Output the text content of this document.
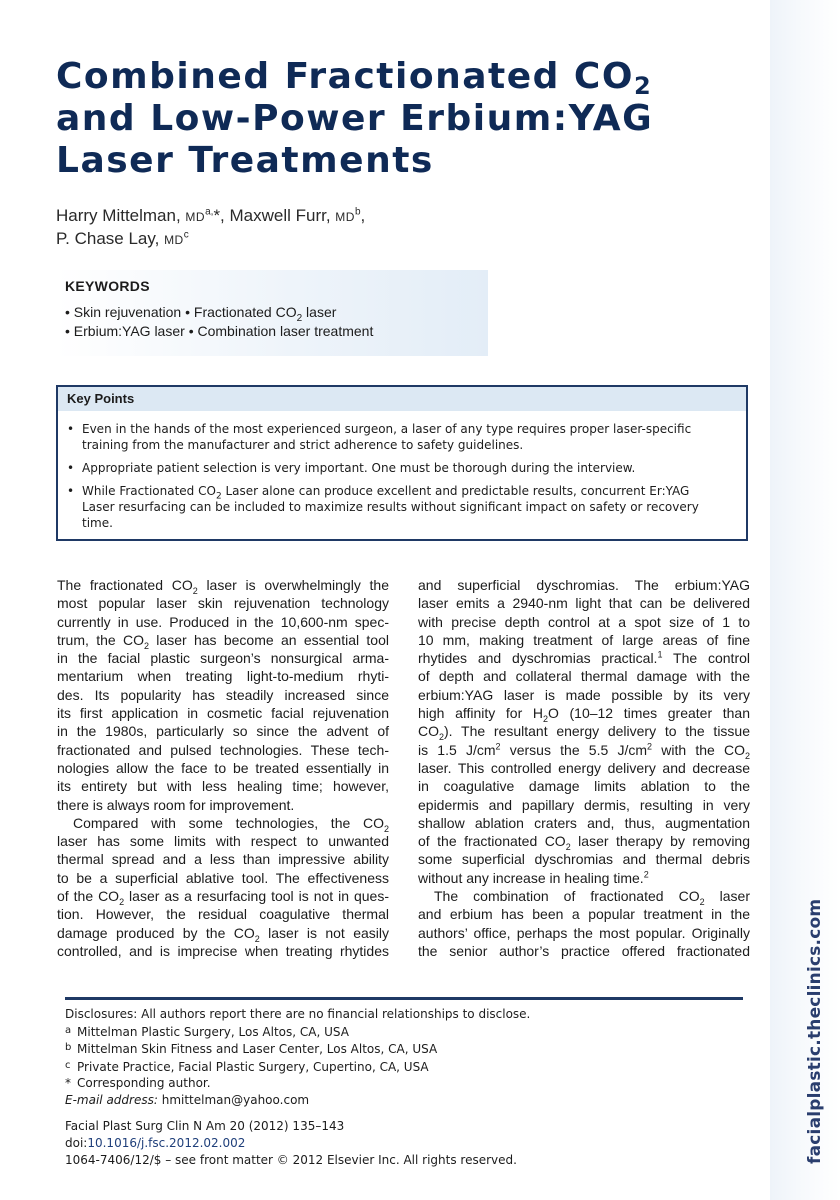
Combined Fractionated $CO_2$
and Low-Power Erbium:YAG
Laser Treatments
Harry Mittelman, $MD^{a,}*$, Maxwell Furr, $MD^b$,
P. Chase Lay, $MD^c$
KEYWORDS
• Skin rejuvenation • Fractionated $CO_2$ laser
• Erbium:YAG laser • Combination laser treatment
Key Points
• Even in the hands of the most experienced surgeon, a laser of any type requires proper laser-specific
training from the manufacturer and strict adherence to safety guidelines.
• Appropriate patient selection is very important. One must be thorough during the interview.
• While Fractionated $CO_2$ Laser alone can produce excellent and predictable results, concurrent Er:YAG
Laser resurfacing can be included to maximize results without significant impact on safety or recovery
time.
The fractionated $CO_2$ laser is overwhelmingly the
most popular laser skin rejuvenation technology
currently in use. Produced in the 10,600-nm spec-
trum, the $CO_2$ laser has become an essential tool
in the facial plastic surgeon’s nonsurgical arma-
mentarium when treating light-to-medium rhyti-
des. Its popularity has steadily increased since
its first application in cosmetic facial rejuvenation
in the 1980s, particularly so since the advent of
fractionated and pulsed technologies. These tech-
nologies allow the face to be treated essentially in
its entirety but with less healing time; however,
there is always room for improvement.
Compared with some technologies, the $CO_2$
laser has some limits with respect to unwanted
thermal spread and a less than impressive ability
to be a superficial ablative tool. The effectiveness
of the $CO_2$ laser as a resurfacing tool is not in ques-
tion. However, the residual coagulative thermal
damage produced by the $CO_2$ laser is not easily
controlled, and is imprecise when treating rhytides
and superficial dyschromias. The erbium:YAG
laser emits a 2940-nm light that can be delivered
with precise depth control at a spot size of 1 to
10 mm, making treatment of large areas of fine
rhytides and dyschromias practical.$^1$ The control
of depth and collateral thermal damage with the
erbium:YAG laser is made possible by its very
high affinity for $H_2O$ (10–12 times greater than
$CO_2$). The resultant energy delivery to the tissue
is 1.5 $J/cm^2$ versus the 5.5 $J/cm^2$ with the $CO_2$
laser. This controlled energy delivery and decrease
in coagulative damage limits ablation to the
epidermis and papillary dermis, resulting in very
shallow ablation craters and, thus, augmentation
of the fractionated $CO_2$ laser therapy by removing
some superficial dyschromias and thermal debris
without any increase in healing time.$^2$
The combination of fractionated $CO_2$ laser
and erbium has been a popular treatment in the
authors’ office, perhaps the most popular. Originally
the senior author’s practice offered fractionated
Disclosures: All authors report there are no financial relationships to disclose.
a Mittelman Plastic Surgery, Los Altos, CA, USA
b Mittelman Skin Fitness and Laser Center, Los Altos, CA, USA
c Private Practice, Facial Plastic Surgery, Cupertino, CA, USA
* Corresponding author.
E-mail address: hmittelman@yahoo.com
Facial Plast Surg Clin N Am 20 (2012) 135–143
doi:10.1016/j.fsc.2012.02.002
1064-7406/12/$ – see front matter © 2012 Elsevier Inc. All rights reserved.	facialplastic.theclinics.com
